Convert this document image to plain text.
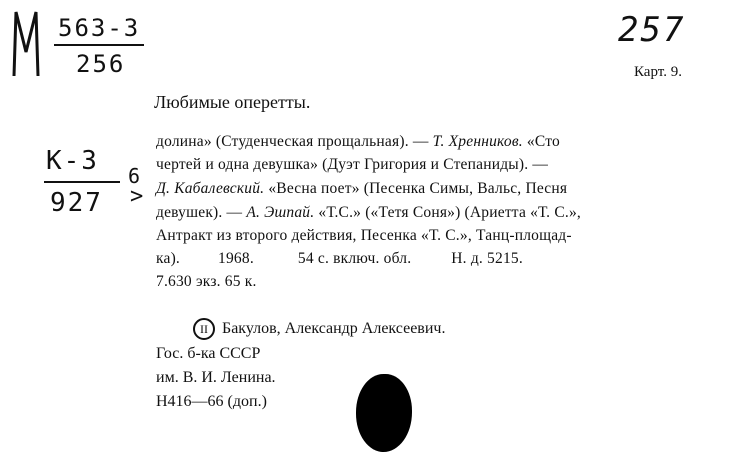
563-3
256
257
Карт. 9.
Любимые оперетты.
К-3 6
>
927
долина» (Студенческая прощальная). — Т. Хренников. «Сто
чертей и одна девушка» (Дуэт Григория и Степаниды). —
Д. Кабалевский. «Весна поет» (Песенка Симы, Вальс, Песня
девушек). — А. Эшпай. «Т.С.» («Тетя Соня») (Ариетта «Т. С.»,
Антракт из второго действия, Песенка «Т. С.», Танц-площад-
ка). 1968.	54 с. включ. обл.	Н. д. 5215.
7.630 экз. 65 к.
II Бакулов, Александр Алексеевич.
Гос. б-ка СССР
им. В. И. Ленина.
Н416—66 (доп.)
